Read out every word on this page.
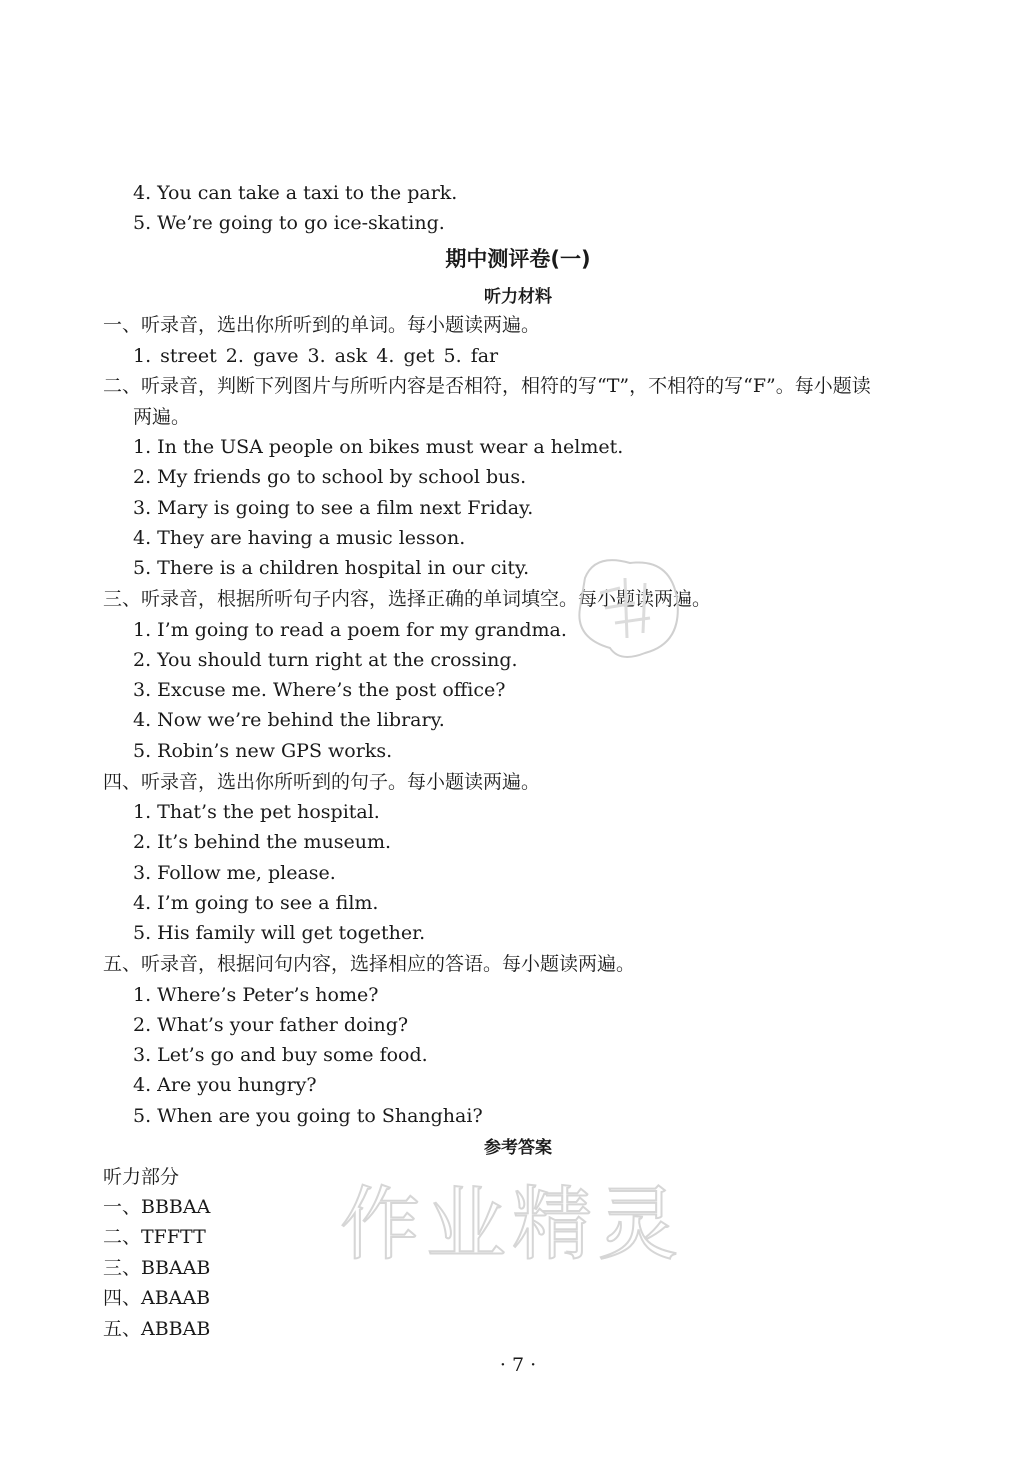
4. You can take a taxi to the park.
5. We’re going to go ice-skating.
期中测评卷(一)
听力材料
一、听录音，选出你所听到的单词。每小题读两遍。
1. street 2. gave 3. ask 4. get 5. far
二、听录音，判断下列图片与所听内容是否相符，相符的写“T”，不相符的写“F”。每小题读
两遍。
1. In the USA people on bikes must wear a helmet.
2. My friends go to school by school bus.
3. Mary is going to see a film next Friday.
4. They are having a music lesson.
5. There is a children hospital in our city.
三、听录音，根据所听句子内容，选择正确的单词填空。每小题读两遍。
1. I’m going to read a poem for my grandma.
2. You should turn right at the crossing.
3. Excuse me. Where’s the post office?
4. Now we’re behind the library.
5. Robin’s new GPS works.
四、听录音，选出你所听到的句子。每小题读两遍。
1. That’s the pet hospital.
2. It’s behind the museum.
3. Follow me, please.
4. I’m going to see a film.
5. His family will get together.
五、听录音，根据问句内容，选择相应的答语。每小题读两遍。
1. Where’s Peter’s home?
2. What’s your father doing?
3. Let’s go and buy some food.
4. Are you hungry?
5. When are you going to Shanghai?
参考答案
听力部分
一、BBBAA
二、TFFTT
三、BBAAB
四、ABAAB
五、ABBAB
· 7 ·
作业精灵
